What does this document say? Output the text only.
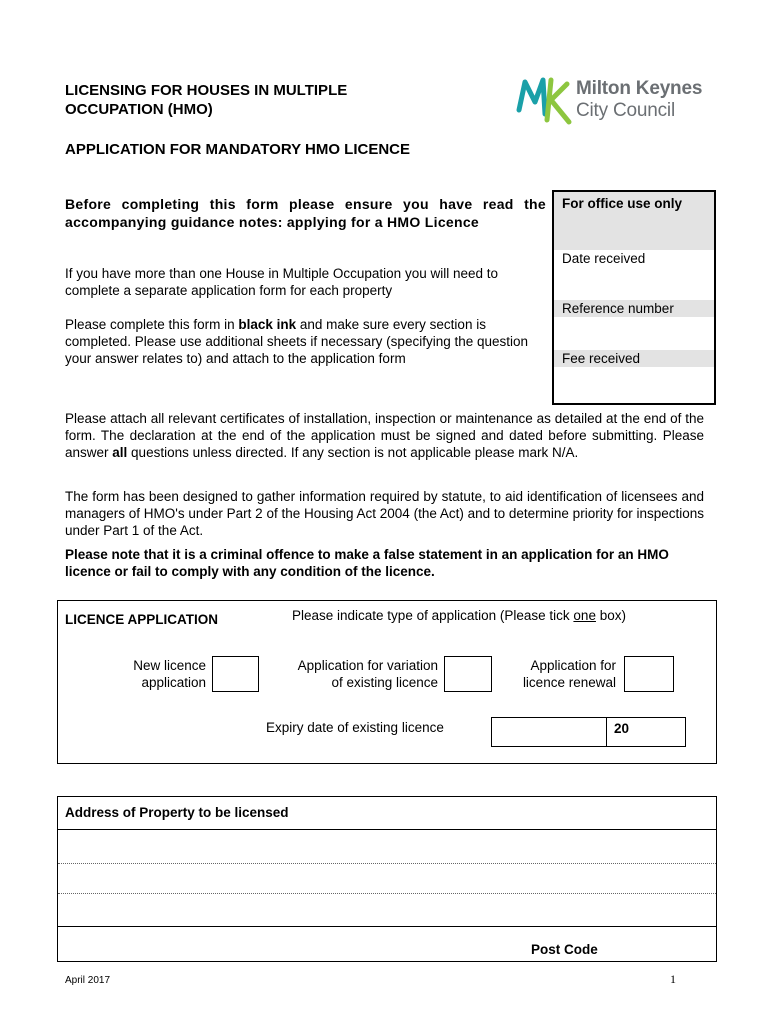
LICENSING FOR HOUSES IN MULTIPLE
OCCUPATION (HMO)
APPLICATION FOR MANDATORY HMO LICENCE
Milton Keynes
City Council
Before completing this form please ensure you have read the accompanying guidance notes: applying for a HMO Licence
If you have more than one House in Multiple Occupation you will need to complete a separate application form for each property
Please complete this form in black ink and make sure every section is completed. Please use additional sheets if necessary (specifying the question your answer relates to) and attach to the application form
For office use only
Date received
Reference number
Fee received
Please attach all relevant certificates of installation, inspection or maintenance as detailed at the end of the form. The declaration at the end of the application must be signed and dated before submitting. Please answer all questions unless directed. If any section is not applicable please mark N/A.
The form has been designed to gather information required by statute, to aid identification of licensees and managers of HMO's under Part 2 of the Housing Act 2004 (the Act) and to determine priority for inspections under Part 1 of the Act.
Please note that it is a criminal offence to make a false statement in an application for an HMO licence or fail to comply with any condition of the licence.
LICENCE APPLICATION	Please indicate type of application (Please tick one box)
New licence
application
Application for variation
of existing licence
Application for
licence renewal
Expiry date of existing licence	20
Address of Property to be licensed
Post Code
April 2017	1
